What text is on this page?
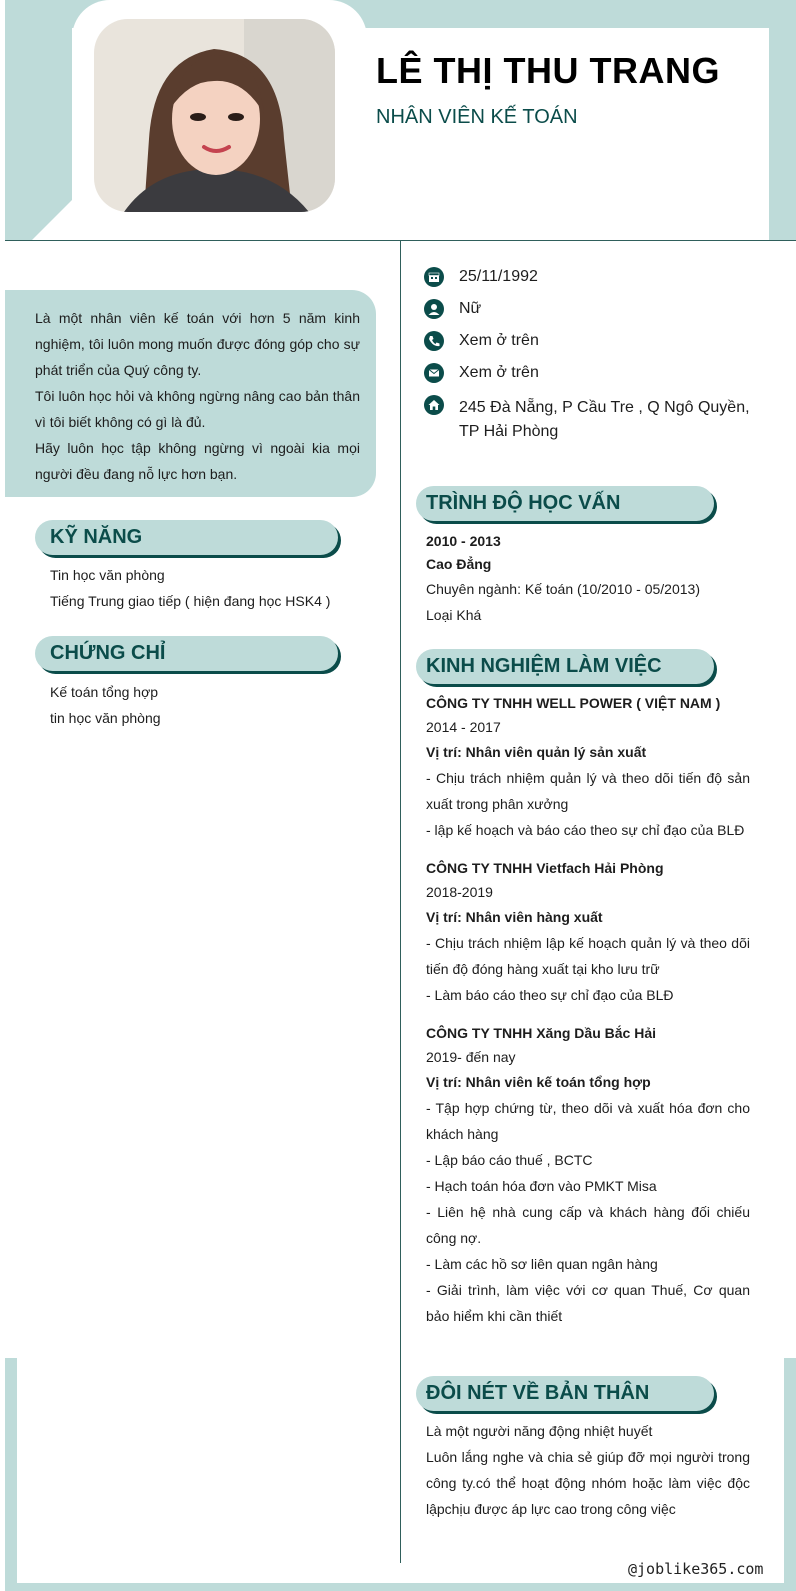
LÊ THỊ THU TRANG
NHÂN VIÊN KẾ TOÁN

Là một nhân viên kế toán với hơn 5 năm kinh nghiệm, tôi luôn mong muốn được đóng góp cho sự phát triển của Quý công ty.

Tôi luôn học hỏi và không ngừng nâng cao bản thân vì tôi biết không có gì là đủ.

Hãy luôn học tập không ngừng vì ngoài kia mọi người đều đang nỗ lực hơn bạn.

KỸ NĂNG
Tin học văn phòng
Tiếng Trung giao tiếp ( hiện đang học HSK4 )
CHỨNG CHỈ
Kế toán tổng hợp
tin học văn phòng
25/11/1992
Nữ
Xem ở trên
Xem ở trên
245 Đà Nẵng, P Cầu Tre , Q Ngô Quyền, TP Hải Phòng
TRÌNH ĐỘ HỌC VẤN
2010 - 2013
Cao Đẳng
Chuyên ngành: Kế toán (10/2010 - 05/2013)
Loại Khá
KINH NGHIỆM LÀM VIỆC
CÔNG TY TNHH WELL POWER ( VIỆT NAM )
2014 - 2017
Vị trí: Nhân viên quản lý sản xuất
- Chịu trách nhiệm quản lý và theo dõi tiến độ sản xuất trong phân xưởng
- lập kế hoạch và báo cáo theo sự chỉ đạo của BLĐ
CÔNG TY TNHH Vietfach Hải Phòng
2018-2019
Vị trí: Nhân viên hàng xuất
- Chịu trách nhiệm lập kế hoạch quản lý và theo dõi tiến độ đóng hàng xuất tại kho lưu trữ
- Làm báo cáo theo sự chỉ đạo của BLĐ
CÔNG TY TNHH Xăng Dầu Bắc Hải
2019- đến nay
Vị trí: Nhân viên kế toán tổng hợp
- Tập hợp chứng từ, theo dõi và xuất hóa đơn cho khách hàng
- Lập báo cáo thuế , BCTC
- Hạch toán hóa đơn vào PMKT Misa
- Liên hệ nhà cung cấp và khách hàng đối chiếu công nợ.
- Làm các hồ sơ liên quan ngân hàng
- Giải trình, làm việc với cơ quan Thuế, Cơ quan bảo hiểm khi cần thiết
ĐÔI NÉT VỀ BẢN THÂN
Là một người năng động nhiệt huyết
Luôn lắng nghe và chia sẻ giúp đỡ mọi người trong công ty.có thể hoạt động nhóm hoặc làm việc độc lậpchịu được áp lực cao trong công việc
@joblike365.com
